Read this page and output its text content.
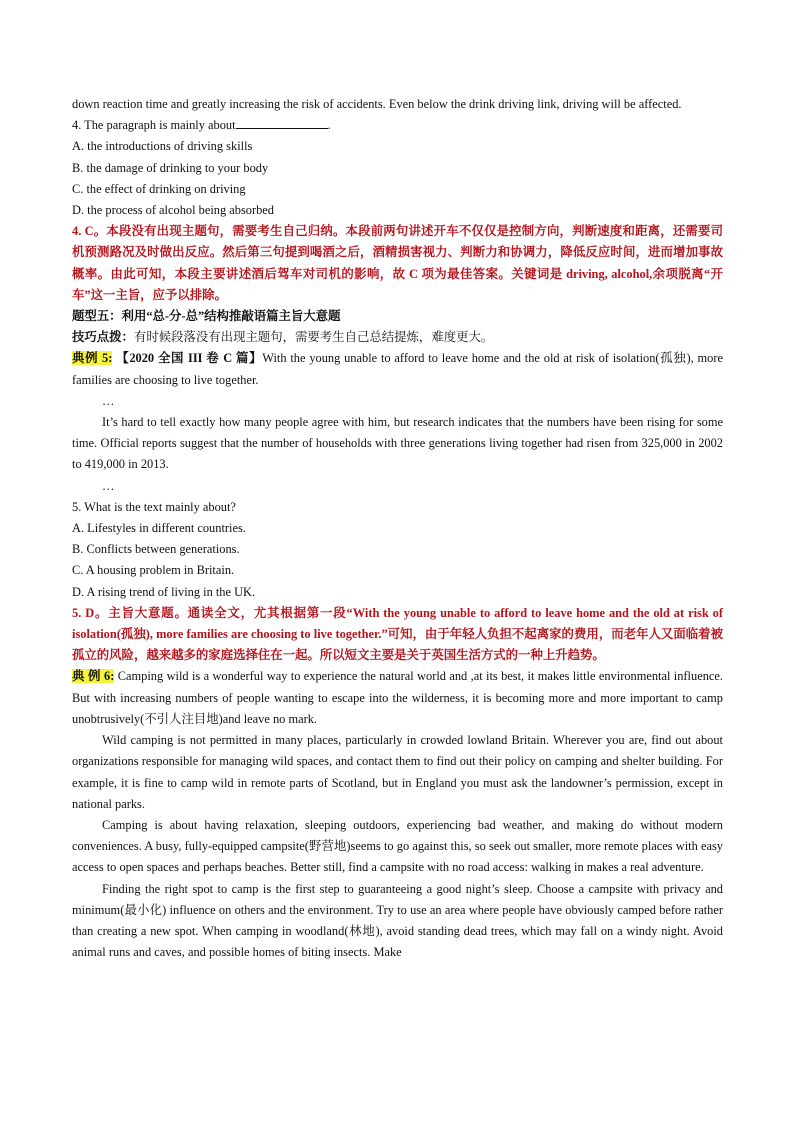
down reaction time and greatly increasing the risk of accidents. Even below the drink driving link, driving will be affected.

4. The paragraph is mainly about	.

A. the introductions of driving skills

B. the damage of drinking to your body

C. the effect of drinking on driving

D. the process of alcohol being absorbed

4. C。本段没有出现主题句，需要考生自己归纳。本段前两句讲述开车不仅仅是控制方向，判断速度和距离，还需要司机预测路况及时做出反应。然后第三句提到喝酒之后，酒精损害视力、判断力和协调力，降低反应时间，进而增加事故概率。由此可知，本段主要讲述酒后驾车对司机的影响，故 C 项为最佳答案。关键词是 driving, alcohol,余项脱离“开车”这一主旨，应予以排除。

题型五：利用“总-分-总”结构推敲语篇主旨大意题

技巧点拨：有时候段落没有出现主题句，需要考生自己总结提炼，难度更大。

典例 5: 【2020 全国 III 卷 C 篇】With the young unable to afford to leave home and the old at risk of isolation(孤独), more families are choosing to live together.

…

It’s hard to tell exactly how many people agree with him, but research indicates that the numbers have been rising for some time. Official reports suggest that the number of households with three generations living together had risen from 325,000 in 2002 to 419,000 in 2013.

…

5. What is the text mainly about?

A. Lifestyles in different countries.

B. Conflicts between generations.

C. A housing problem in Britain.

D. A rising trend of living in the UK.

5. D。主旨大意题。通读全文，尤其根据第一段“With the young unable to afford to leave home and the old at risk of isolation(孤独), more families are choosing to live together.”可知，由于年轻人负担不起离家的费用，而老年人又面临着被孤立的风险，越来越多的家庭选择住在一起。所以短文主要是关于英国生活方式的一种上升趋势。

典 例 6: Camping wild is a wonderful way to experience the natural world and ,at its best, it makes little environmental influence. But with increasing numbers of people wanting to escape into the wilderness, it is becoming more and more important to camp unobtrusively(不引人注目地)and leave no mark.

Wild camping is not permitted in many places, particularly in crowded lowland Britain. Wherever you are, find out about organizations responsible for managing wild spaces, and contact them to find out their policy on camping and shelter building. For example, it is fine to camp wild in remote parts of Scotland, but in England you must ask the landowner’s permission, except in national parks.

Camping is about having relaxation, sleeping outdoors, experiencing bad weather, and making do without modern conveniences. A busy, fully-equipped campsite(野营地)seems to go against this, so seek out smaller, more remote places with easy access to open spaces and perhaps beaches. Better still, find a campsite with no road access: walking in makes a real adventure.

Finding the right spot to camp is the first step to guaranteeing a good night’s sleep. Choose a campsite with privacy and minimum(最小化) influence on others and the environment. Try to use an area where people have obviously camped before rather than creating a new spot. When camping in woodland(林地), avoid standing dead trees, which may fall on a windy night. Avoid animal runs and caves, and possible homes of biting insects. Make
